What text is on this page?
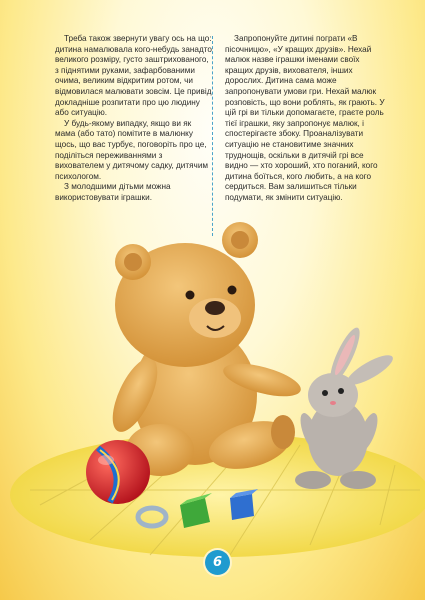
Треба також звернути увагу ось на що: дитина намалювала кого-небудь занадто великого розміру, густо заштрихованого, з піднятими руками, зафарбованими очима, великим відкритим ротом, чи відмовилася малювати зовсім. Це привід докладніше розпитати про цю людину або ситуацію.

У будь-якому випадку, якщо ви як мама (або тато) помітите в малюнку щось, що вас турбує, поговоріть про це, поділіться переживаннями з вихователем у дитячому садку, дитячим психологом.

З молодшими дітьми можна використовувати іграшки.

Запропонуйте дитині пограти «В пісочницю», «У кращих друзів». Нехай малюк назве іграшки іменами своїх кращих друзів, вихователя, інших дорослих. Дитина сама може запропонувати умови гри. Нехай малюк розповість, що вони роблять, як грають. У цій грі ви тільки допомагаєте, граєте роль тієї іграшки, яку запропонує малюк, і спостерігаєте збоку. Проаналізувати ситуацію не становитиме значних труднощів, оскільки в дитячій грі все видно — хто хороший, хто поганий, кого дитина боїться, кого любить, а на кого сердиться. Вам залишиться тільки подумати, як змінити ситуацію.

6
